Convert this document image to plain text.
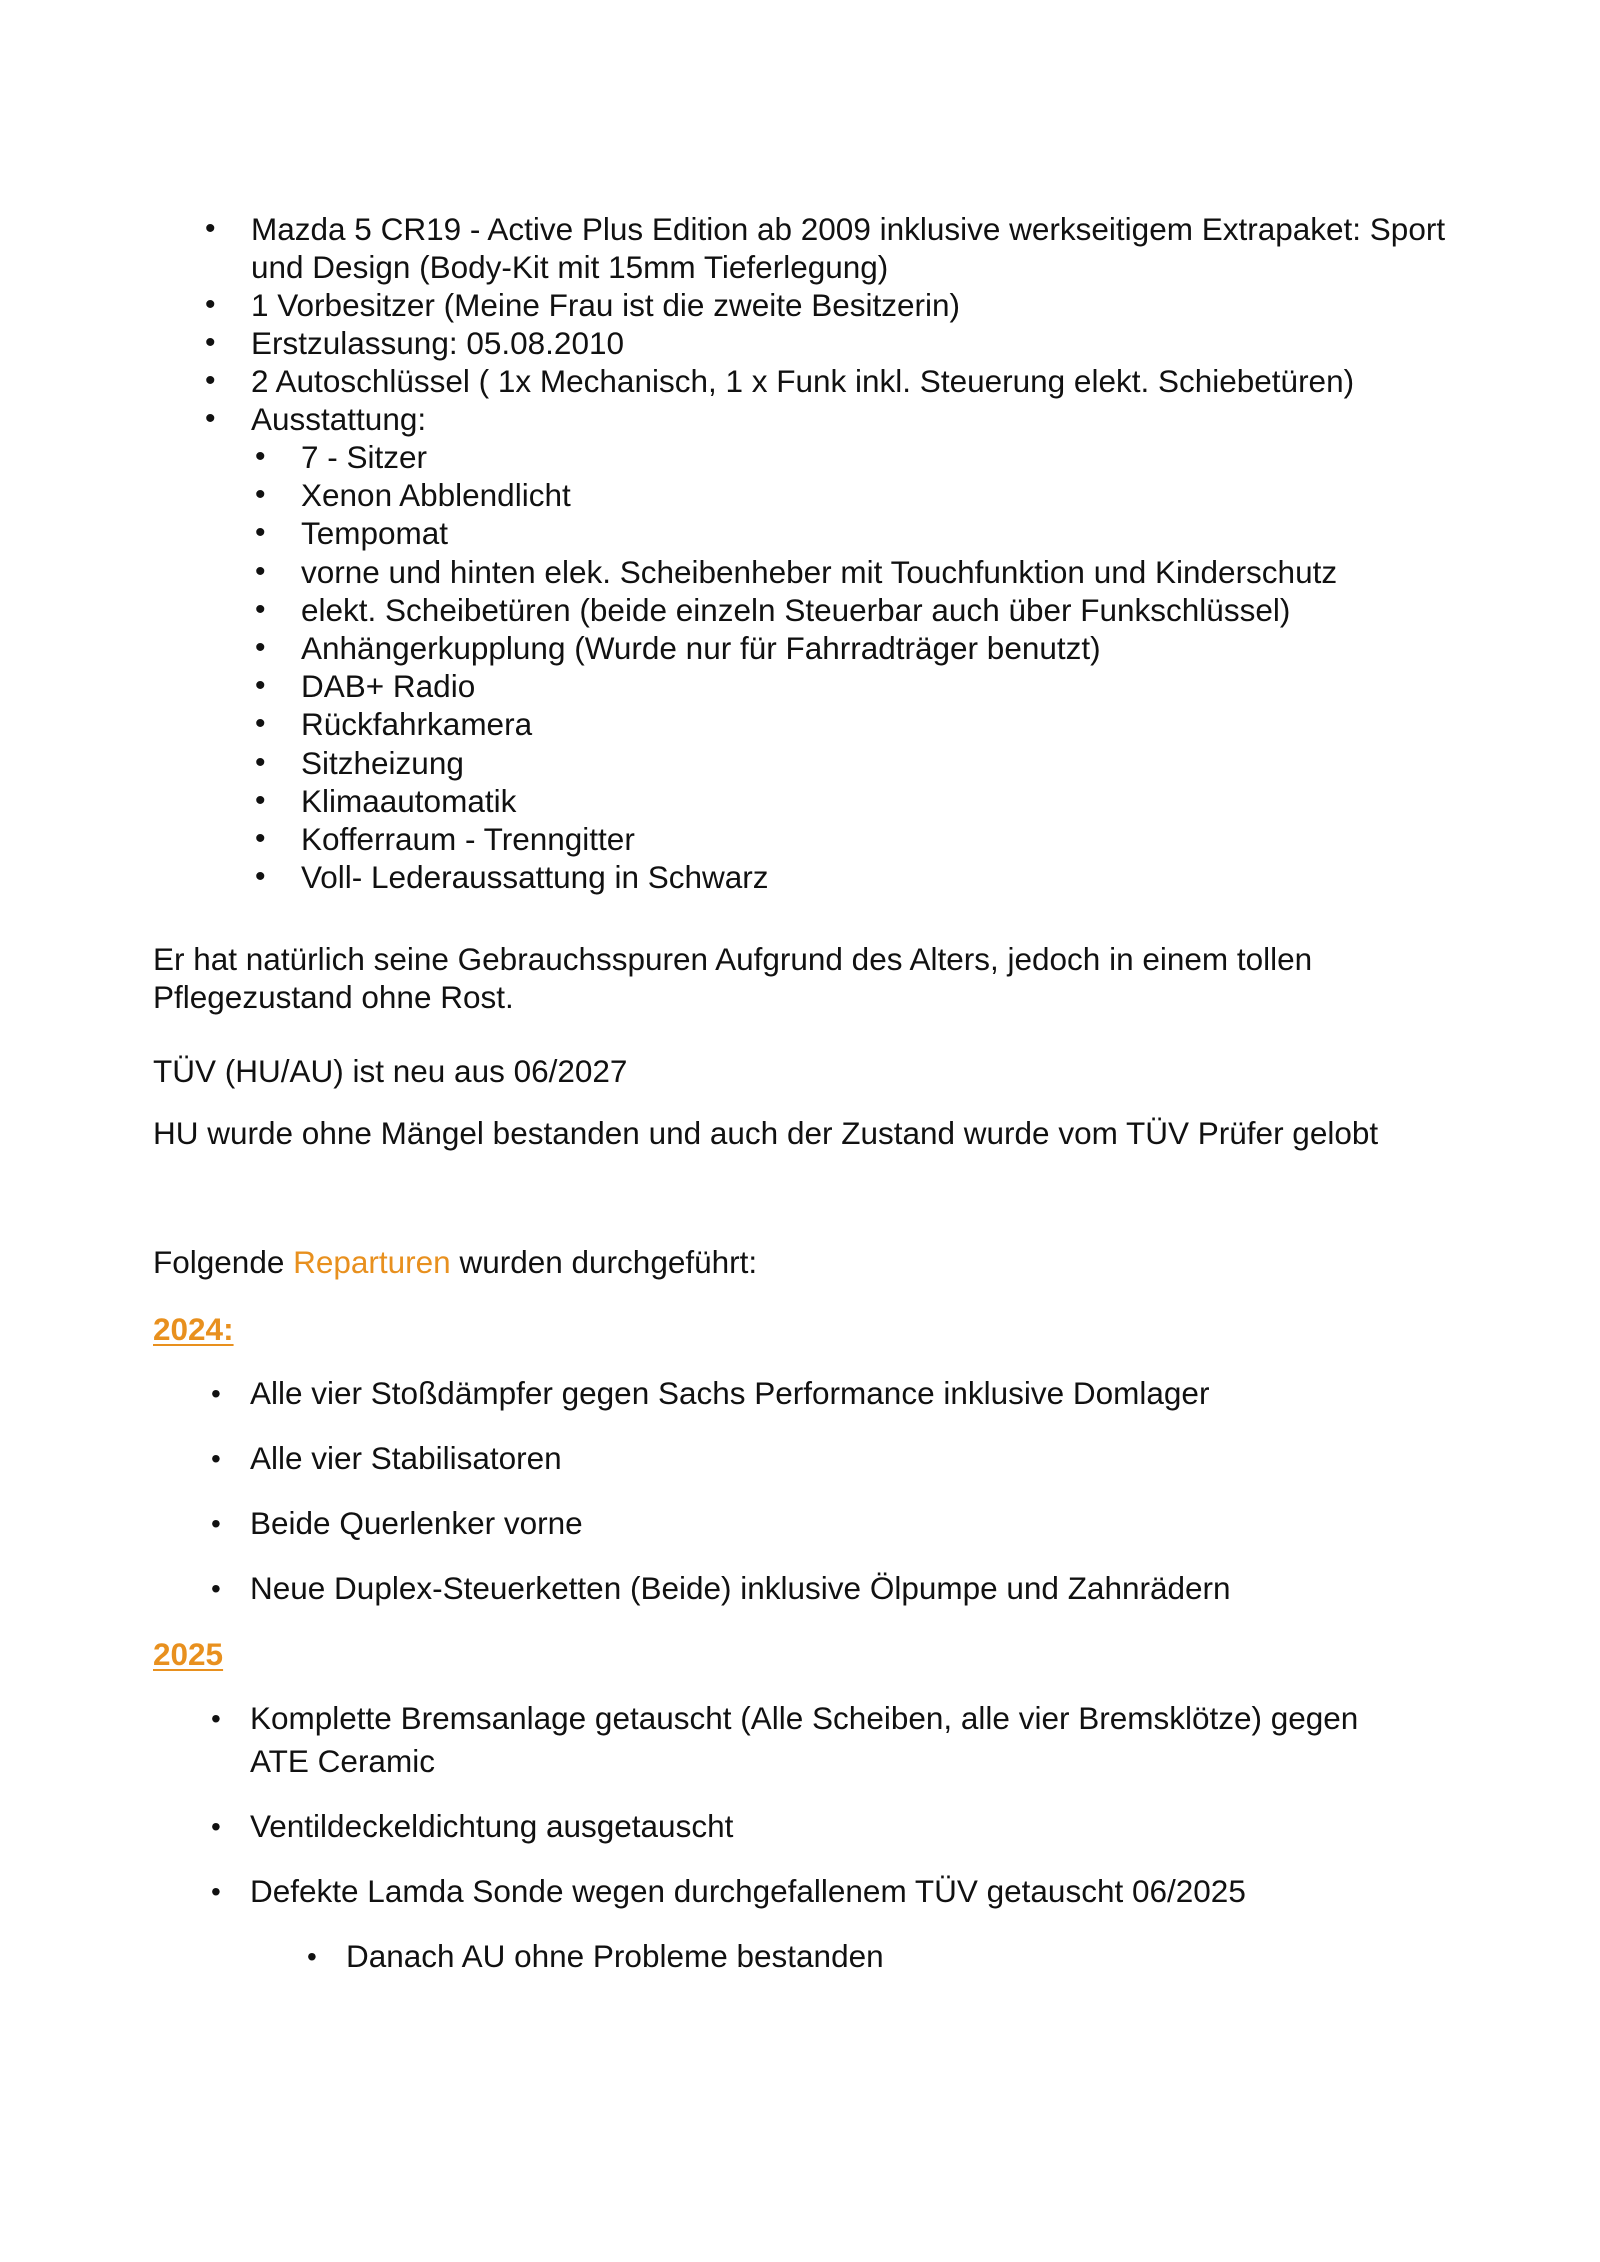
• Mazda 5 CR19 - Active Plus Edition ab 2009 inklusive werkseitigem Extrapaket: Sport und Design (Body-Kit mit 15mm Tieferlegung)
• 1 Vorbesitzer (Meine Frau ist die zweite Besitzerin)
• Erstzulassung: 05.08.2010
• 2 Autoschlüssel ( 1x Mechanisch, 1 x Funk inkl. Steuerung elekt. Schiebetüren)
• Ausstattung:
• 7 - Sitzer
• Xenon Abblendlicht
• Tempomat
• vorne und hinten elek. Scheibenheber mit Touchfunktion und Kinderschutz
• elekt. Scheibetüren (beide einzeln Steuerbar auch über Funkschlüssel)
• Anhängerkupplung (Wurde nur für Fahrradträger benutzt)
• DAB+ Radio
• Rückfahrkamera
• Sitzheizung
• Klimaautomatik
• Kofferraum - Trenngitter
• Voll- Lederaussattung in Schwarz

Er hat natürlich seine Gebrauchsspuren Aufgrund des Alters, jedoch in einem tollen Pflegezustand ohne Rost.

TÜV (HU/AU) ist neu aus 06/2027

HU wurde ohne Mängel bestanden und auch der Zustand wurde vom TÜV Prüfer gelobt

Folgende Reparturen wurden durchgeführt:

2024:
• Alle vier Stoßdämpfer gegen Sachs Performance inklusive Domlager
• Alle vier Stabilisatoren
• Beide Querlenker vorne
• Neue Duplex-Steuerketten (Beide) inklusive Ölpumpe und Zahnrädern
2025
• Komplette Bremsanlage getauscht (Alle Scheiben, alle vier Bremsklötze) gegen ATE Ceramic
• Ventildeckeldichtung ausgetauscht
• Defekte Lamda Sonde wegen durchgefallenem TÜV getauscht 06/2025
• Danach AU ohne Probleme bestanden
